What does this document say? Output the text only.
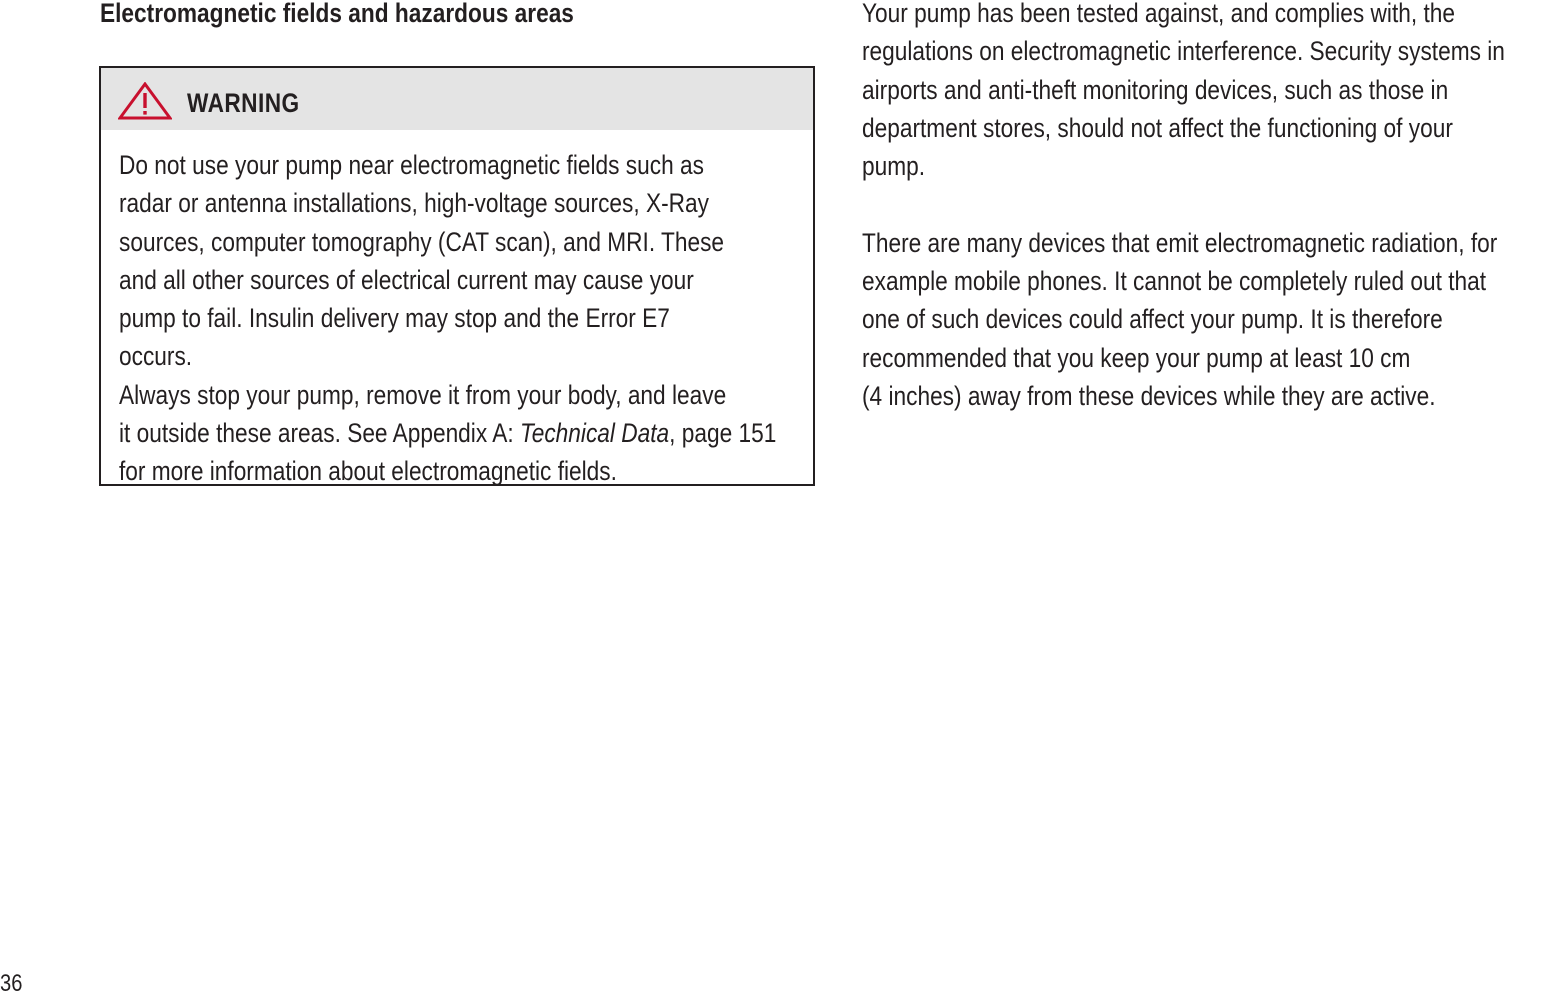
Electromagnetic fields and hazardous areas
WARNING
Do not use your pump near electromagnetic fields such as
radar or antenna installations, high-voltage sources, X-Ray
sources, computer tomography (CAT scan), and MRI. These
and all other sources of electrical current may cause your
pump to fail. Insulin delivery may stop and the Error E7
occurs.
Always stop your pump, remove it from your body, and leave
it outside these areas. See Appendix A: Technical Data, page 151
for more information about electromagnetic fields.
Your pump has been tested against, and complies with, the
regulations on electromagnetic interference. Security systems in
airports and anti-theft monitoring devices, such as those in
department stores, should not affect the functioning of your
pump.
There are many devices that emit electromagnetic radiation, for
example mobile phones. It cannot be completely ruled out that
one of such devices could affect your pump. It is therefore
recommended that you keep your pump at least 10 cm
(4 inches) away from these devices while they are active.
36
